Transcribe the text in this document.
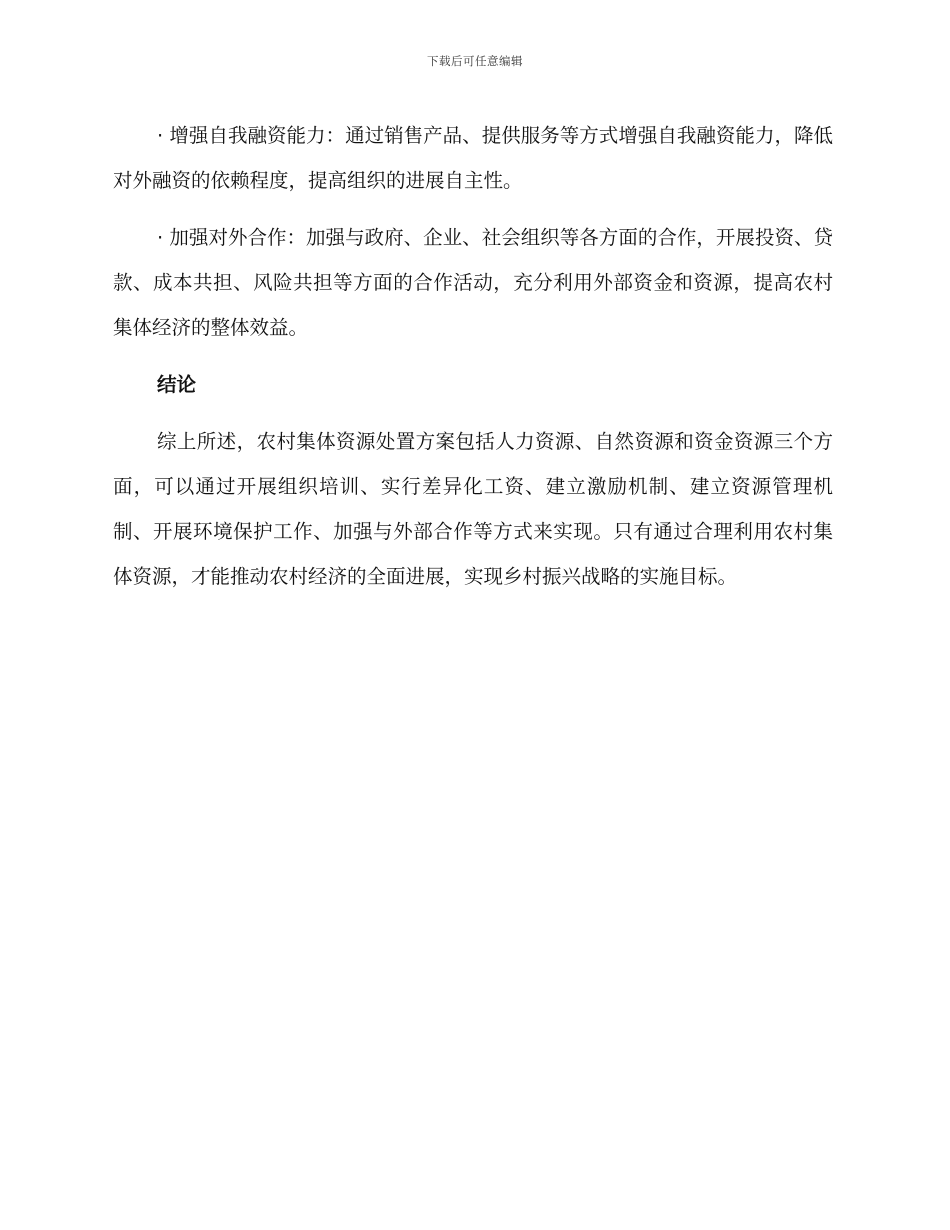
下载后可任意编辑

· 增强自我融资能力：通过销售产品、提供服务等方式增强自我融资能力，降低对外融资的依赖程度，提高组织的进展自主性。

· 加强对外合作：加强与政府、企业、社会组织等各方面的合作，开展投资、贷款、成本共担、风险共担等方面的合作活动，充分利用外部资金和资源，提高农村集体经济的整体效益。

结论

综上所述，农村集体资源处置方案包括人力资源、自然资源和资金资源三个方面，可以通过开展组织培训、实行差异化工资、建立激励机制、建立资源管理机制、开展环境保护工作、加强与外部合作等方式来实现。只有通过合理利用农村集体资源，才能推动农村经济的全面进展，实现乡村振兴战略的实施目标。
